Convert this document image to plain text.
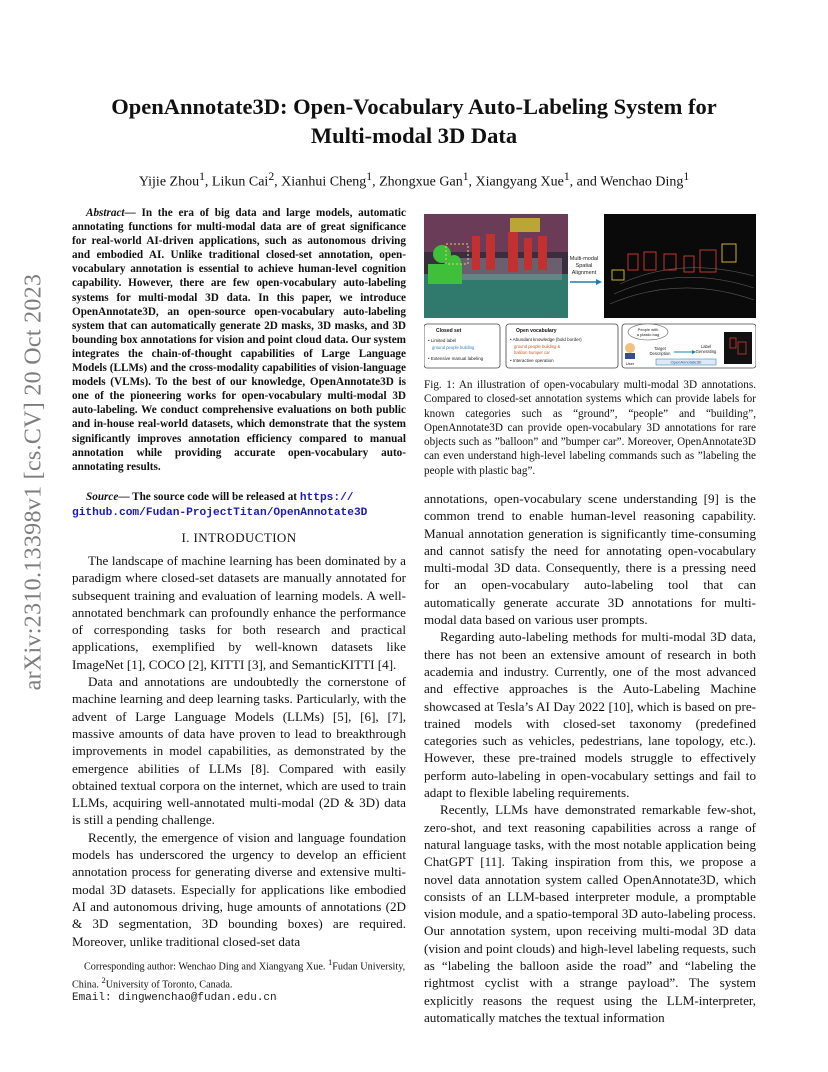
arXiv:2310.13398v1 [cs.CV] 20 Oct 2023
OpenAnnotate3D: Open-Vocabulary Auto-Labeling System for
Multi-modal 3D Data
Yijie Zhou$^1$, Likun Cai$^2$, Xianhui Cheng$^1$, Zhongxue Gan$^1$, Xiangyang Xue$^1$, and Wenchao Ding$^1$
Abstract— In the era of big data and large models, automatic annotating functions for multi-modal data are of great significance for real-world AI-driven applications, such as autonomous driving and embodied AI. Unlike traditional closed-set annotation, open-vocabulary annotation is essential to achieve human-level cognition capability. However, there are few open-vocabulary auto-labeling systems for multi-modal 3D data. In this paper, we introduce OpenAnnotate3D, an open-source open-vocabulary auto-labeling system that can automatically generate 2D masks, 3D masks, and 3D bounding box annotations for vision and point cloud data. Our system integrates the chain-of-thought capabilities of Large Language Models (LLMs) and the cross-modality capabilities of vision-language models (VLMs). To the best of our knowledge, OpenAnnotate3D is one of the pioneering works for open-vocabulary multi-modal 3D auto-labeling. We conduct comprehensive evaluations on both public and in-house real-world datasets, which demonstrate that the system significantly improves annotation efficiency compared to manual annotation while providing accurate open-vocabulary auto-annotating results.
Source— The source code will be released at https://
github.com/Fudan-ProjectTitan/OpenAnnotate3D
I. INTRODUCTION

The landscape of machine learning has been dominated by a paradigm where closed-set datasets are manually annotated for subsequent training and evaluation of learning models. A well-annotated benchmark can profoundly enhance the performance of corresponding tasks for both research and practical applications, exemplified by well-known datasets like ImageNet [1], COCO [2], KITTI [3], and SemanticKITTI [4].

Data and annotations are undoubtedly the cornerstone of machine learning and deep learning tasks. Particularly, with the advent of Large Language Models (LLMs) [5], [6], [7], massive amounts of data have proven to lead to breakthrough improvements in model capabilities, as demonstrated by the emergence abilities of LLMs [8]. Compared with easily obtained textual corpora on the internet, which are used to train LLMs, acquiring well-annotated multi-modal (2D & 3D) data is still a pending challenge.

Recently, the emergence of vision and language foundation models has underscored the urgency to develop an efficient annotation process for generating diverse and extensive multi-modal 3D datasets. Especially for applications like embodied AI and autonomous driving, huge amounts of annotations (2D & 3D segmentation, 3D bounding boxes) are required. Moreover, unlike traditional closed-set data

Corresponding author: Wenchao Ding and Xiangyang Xue. $^1$Fudan University, China. $^2$University of Toronto, Canada.
Email: dingwenchao@fudan.edu.cn
Multi-modal
Spatial
Alignment
Closed set
• Limited label
ground people building
• Extensive manual labeling
Open vocabulary
• Abundant knowledge (bold border)
ground people building &
balloon bumper car
• Interactive operation
People with
a plastic bag
User
Target
Description
Label
Generating
OpenAnnotate3D
Fig. 1: An illustration of open-vocabulary multi-modal 3D annotations. Compared to closed-set annotation systems which can provide labels for known categories such as “ground”, “people” and “building”, OpenAnnotate3D can provide open-vocabulary 3D annotations for rare objects such as ”balloon” and ”bumper car”. Moreover, OpenAnnotate3D can even understand high-level labeling commands such as ”labeling the people with plastic bag”.

annotations, open-vocabulary scene understanding [9] is the common trend to enable human-level reasoning capability. Manual annotation generation is significantly time-consuming and cannot satisfy the need for annotating open-vocabulary multi-modal 3D data. Consequently, there is a pressing need for an open-vocabulary auto-labeling tool that can automatically generate accurate 3D annotations for multi-modal data based on various user prompts.

Regarding auto-labeling methods for multi-modal 3D data, there has not been an extensive amount of research in both academia and industry. Currently, one of the most advanced and effective approaches is the Auto-Labeling Machine showcased at Tesla’s AI Day 2022 [10], which is based on pre-trained models with closed-set taxonomy (predefined categories such as vehicles, pedestrians, lane topology, etc.). However, these pre-trained models struggle to effectively perform auto-labeling in open-vocabulary settings and fail to adapt to flexible labeling requirements.

Recently, LLMs have demonstrated remarkable few-shot, zero-shot, and text reasoning capabilities across a range of natural language tasks, with the most notable application being ChatGPT [11]. Taking inspiration from this, we propose a novel data annotation system called OpenAnnotate3D, which consists of an LLM-based interpreter module, a promptable vision module, and a spatio-temporal 3D auto-labeling process. Our annotation system, upon receiving multi-modal 3D data (vision and point clouds) and high-level labeling requests, such as “labeling the balloon aside the road” and “labeling the rightmost cyclist with a strange payload”. The system explicitly reasons the request using the LLM-interpreter, automatically matches the textual information
